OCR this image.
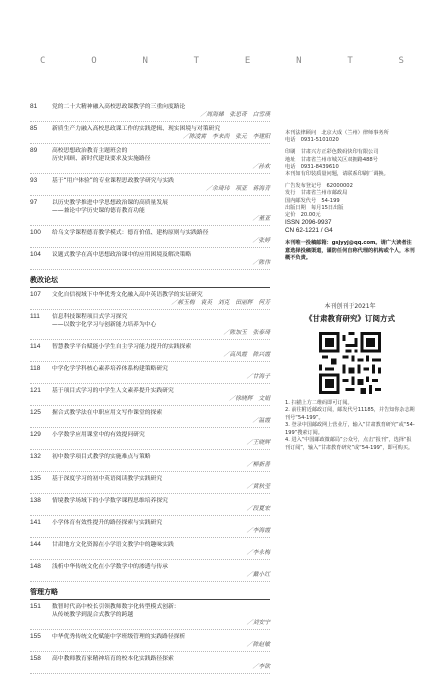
C	O	N	T	E	N	T	S
81	党的二十大精神融入高校思政课教学的三重向度路论
／周海娣　张思奇　白雪瑛
85	新质生产力融入高校思政课工作的实践逻辑、现实困境与对策研究
／陈凌霄　李来尚　张元　李建阳
89	高校思想政治教育主题班会的
历史回顾、新时代建设要求及实施路径
／孙欢
93	基于“用户体验”的专业课程思政教学研究与实践
／余琦玮　项亚　蒋海青
97	以历史教学推进中学思想政治课的高质量发展
——兼论中学历史课的德育教育功能
／董亚
100	给乌文学课程德育教学模式：德育价值、建构原则与实践路径
／张婷
104	议题式教学在高中思想政治课中的应用困境及解决策略
／陈伟
教改论坛
107	文化自信视域下中华优秀文化融入高中英语教学的实证研究
／郝玉梅　袁英　刘克　田丽辉　何芳
111	信息科技课程项目式学习探究
——以数字化学习与创新能力培养为中心
／陈加玉　张泰琦
114	智慧教学平台赋能小学生自主学习能力提升的实践探索
／高凤霞　陈兴霞
118	中学化学学科核心素养培养体系构建策略研究
／甘海子
121	基于项目式学习的中学生人文素养提升实践研究
／徐晓辉　文娟
125	握合式教学法在中职应用文写作课堂的探索
／温霞
129	小学数学应用课堂中的有效提问研究
／王晓辉
132	初中数学项目式教学的实施难点与策略
／柳新善
135	基于深度学习的初中英语阅读教学实践研究
／黄秋莹
138	情境教学场域下的小学数学课程思维培养探究
／段夏宏
141	小学体育有效性提升的路径探索与实践研究
／李海霞
144	甘肃地方文化资源在小学语文教学中的趣味实践
／李永梅
148	浅析中华传统文化在小学数学中的渗透与传承
／戴小红
管理方略
151	数智时代高中校长引领教师数字化转型模式创新：
从传统教学到混合式教学的跨越
／刘安宁
155	中华优秀传统文化赋能中学班级管理的实践路径探析
／陈赵敏
158	高中教师教育家精神培育的校本化实践路径探索
／李欲
本刊法律顾问　北京大成（兰州）律师事务所
电话　0931-5101020
印刷　甘肃兴方正彩色数码快印有限公司
地址　甘肃省兰州市城关区双拥路488号
电话　0931-8439610
本刊如有印装质量问题，请联系印刷厂调换。
广告发布登记号　62000002
发行　甘肃省兰州市邮政局
国内邮发代号　54-199
出版日期　每月15日出版
定价　20.00元
ISSN 2096-9937
CN 62-1221 / G4
本刊唯一投稿邮箱：gsjyyj@qq.com。请广大读者注意选择投稿渠道，谨防任何自称代理的机构或个人，本刊概不负责。
本刊创刊于2021年
《甘肃教育研究》订阅方式
1. 扫描上方二维码即可订阅。
2. 前往附近邮政订阅，邮发代号11185，并告知你杂志期刊号“54-199”。
3. 登录中国邮政网上营业厅，输入“甘肃教育研究”或“54-199”搜索订阅。
4. 进入“中国邮政微邮局”公众号，点击“报刊”，选择“报刊订阅”，输入“甘肃教育研究”或“54-199”，即可购买。
